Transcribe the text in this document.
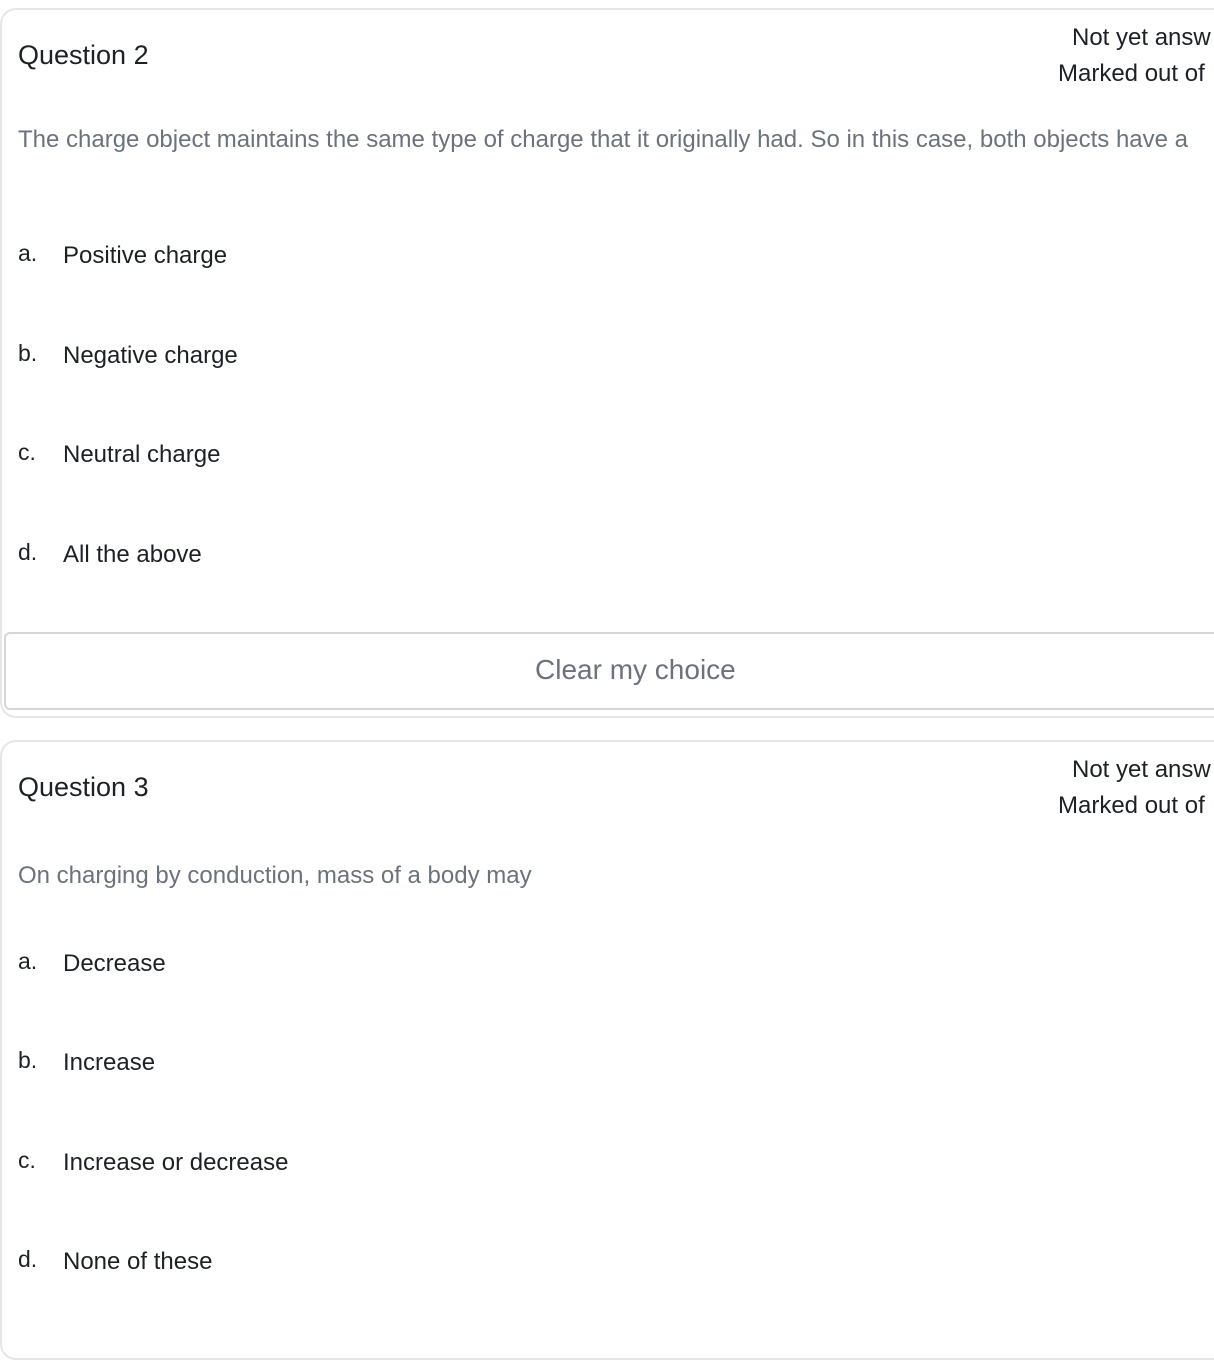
Question 2
Not yet answ
Marked out of
The charge object maintains the same type of charge that it originally had. So in this case, both objects have a
a.	Positive charge
b.	Negative charge
c.	Neutral charge
d.	All the above
Clear my choice
Question 3
Not yet answ
Marked out of
On charging by conduction, mass of a body may
a.	Decrease
b.	Increase
c.	Increase or decrease
d.	None of these
